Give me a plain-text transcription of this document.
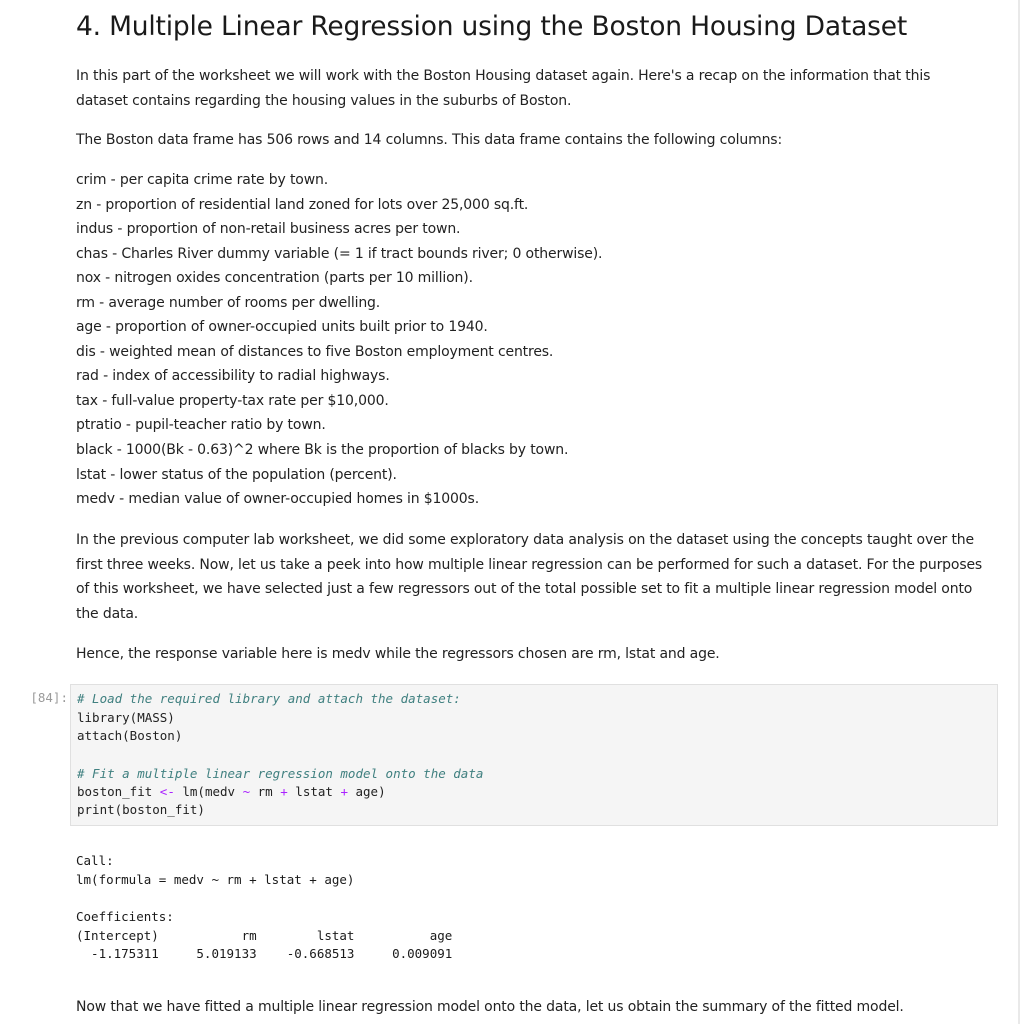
4. Multiple Linear Regression using the Boston Housing Dataset

In this part of the worksheet we will work with the Boston Housing dataset again. Here's a recap on the information that this dataset contains regarding the housing values in the suburbs of Boston.

The Boston data frame has 506 rows and 14 columns. This data frame contains the following columns:

crim - per capita crime rate by town.
zn - proportion of residential land zoned for lots over 25,000 sq.ft.
indus - proportion of non-retail business acres per town.
chas - Charles River dummy variable (= 1 if tract bounds river; 0 otherwise).
nox - nitrogen oxides concentration (parts per 10 million).
rm - average number of rooms per dwelling.
age - proportion of owner-occupied units built prior to 1940.
dis - weighted mean of distances to five Boston employment centres.
rad - index of accessibility to radial highways.
tax - full-value property-tax rate per $10,000.
ptratio - pupil-teacher ratio by town.
black - 1000(Bk - 0.63)^2 where Bk is the proportion of blacks by town.
lstat - lower status of the population (percent).
medv - median value of owner-occupied homes in $1000s.

In the previous computer lab worksheet, we did some exploratory data analysis on the dataset using the concepts taught over the first three weeks. Now, let us take a peek into how multiple linear regression can be performed for such a dataset. For the purposes of this worksheet, we have selected just a few regressors out of the total possible set to fit a multiple linear regression model onto the data.

Hence, the response variable here is medv while the regressors chosen are rm, lstat and age.

[84]: # Load the required library and attach the dataset:
library(MASS)
attach(Boston)
# Fit a multiple linear regression model onto the data
boston_fit <- lm(medv ~ rm + lstat + age)
print(boston_fit)
Call:
lm(formula = medv ~ rm + lstat + age)
Coefficients:
(Intercept)           rm        lstat          age
-1.175311     5.019133    -0.668513     0.009091

Now that we have fitted a multiple linear regression model onto the data, let us obtain the summary of the fitted model.
